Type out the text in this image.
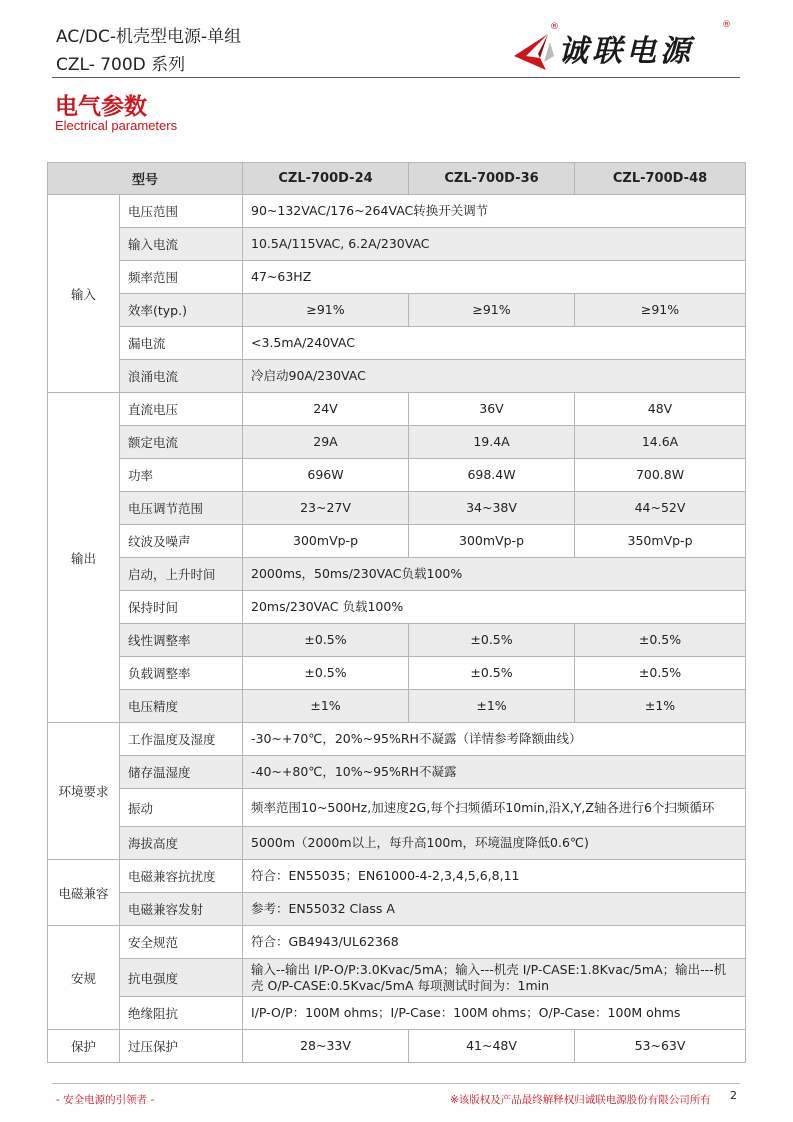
AC/DC-机壳型电源-单组
CZL- 700D 系列
®
诚联电源
®
电气参数
Electrical parameters
型号		CZL-700D-24	CZL-700D-36	CZL-700D-48
输入	电压范围	90~132VAC/176~264VAC转换开关调节		
	输入电流	10.5A/115VAC, 6.2A/230VAC		
	频率范围	47~63HZ		
	效率(typ.)	≥91%	≥91%	≥91%
	漏电流	<3.5mA/240VAC		
	浪涌电流	冷启动90A/230VAC		
输出	直流电压	24V	36V	48V
	额定电流	29A	19.4A	14.6A
	功率	696W	698.4W	700.8W
	电压调节范围	23~27V	34~38V	44~52V
	纹波及噪声	300mVp-p	300mVp-p	350mVp-p
	启动，上升时间	2000ms，50ms/230VAC负载100%		
	保持时间	20ms/230VAC 负载100%		
	线性调整率	±0.5%	±0.5%	±0.5%
	负载调整率	±0.5%	±0.5%	±0.5%
	电压精度	±1%	±1%	±1%
环境要求	工作温度及湿度	-30~+70℃，20%~95%RH不凝露（详情参考降额曲线）		
	储存温湿度	-40~+80℃，10%~95%RH不凝露		
	振动	频率范围10~500Hz,加速度2G,每个扫频循环10min,沿X,Y,Z轴各进行6个扫频循环		
	海拔高度	5000m（2000m以上，每升高100m，环境温度降低0.6℃)		
电磁兼容	电磁兼容抗扰度	符合：EN55035；EN61000-4-2,3,4,5,6,8,11		
	电磁兼容发射	参考：EN55032 Class A		
安规	安全规范	符合：GB4943/UL62368		
	抗电强度	输入--输出 I/P-O/P:3.0Kvac/5mA；输入---机壳 I/P-CASE:1.8Kvac/5mA；输出---机壳 O/P-CASE:0.5Kvac/5mA 每项测试时间为：1min		
	绝缘阻抗	I/P-O/P：100M ohms；I/P-Case：100M ohms；O/P-Case：100M ohms		
保护	过压保护	28~33V	41~48V	53~63V
- 安全电源的引领者 -	※该版权及产品最终解释权归诚联电源股份有限公司所有 2
